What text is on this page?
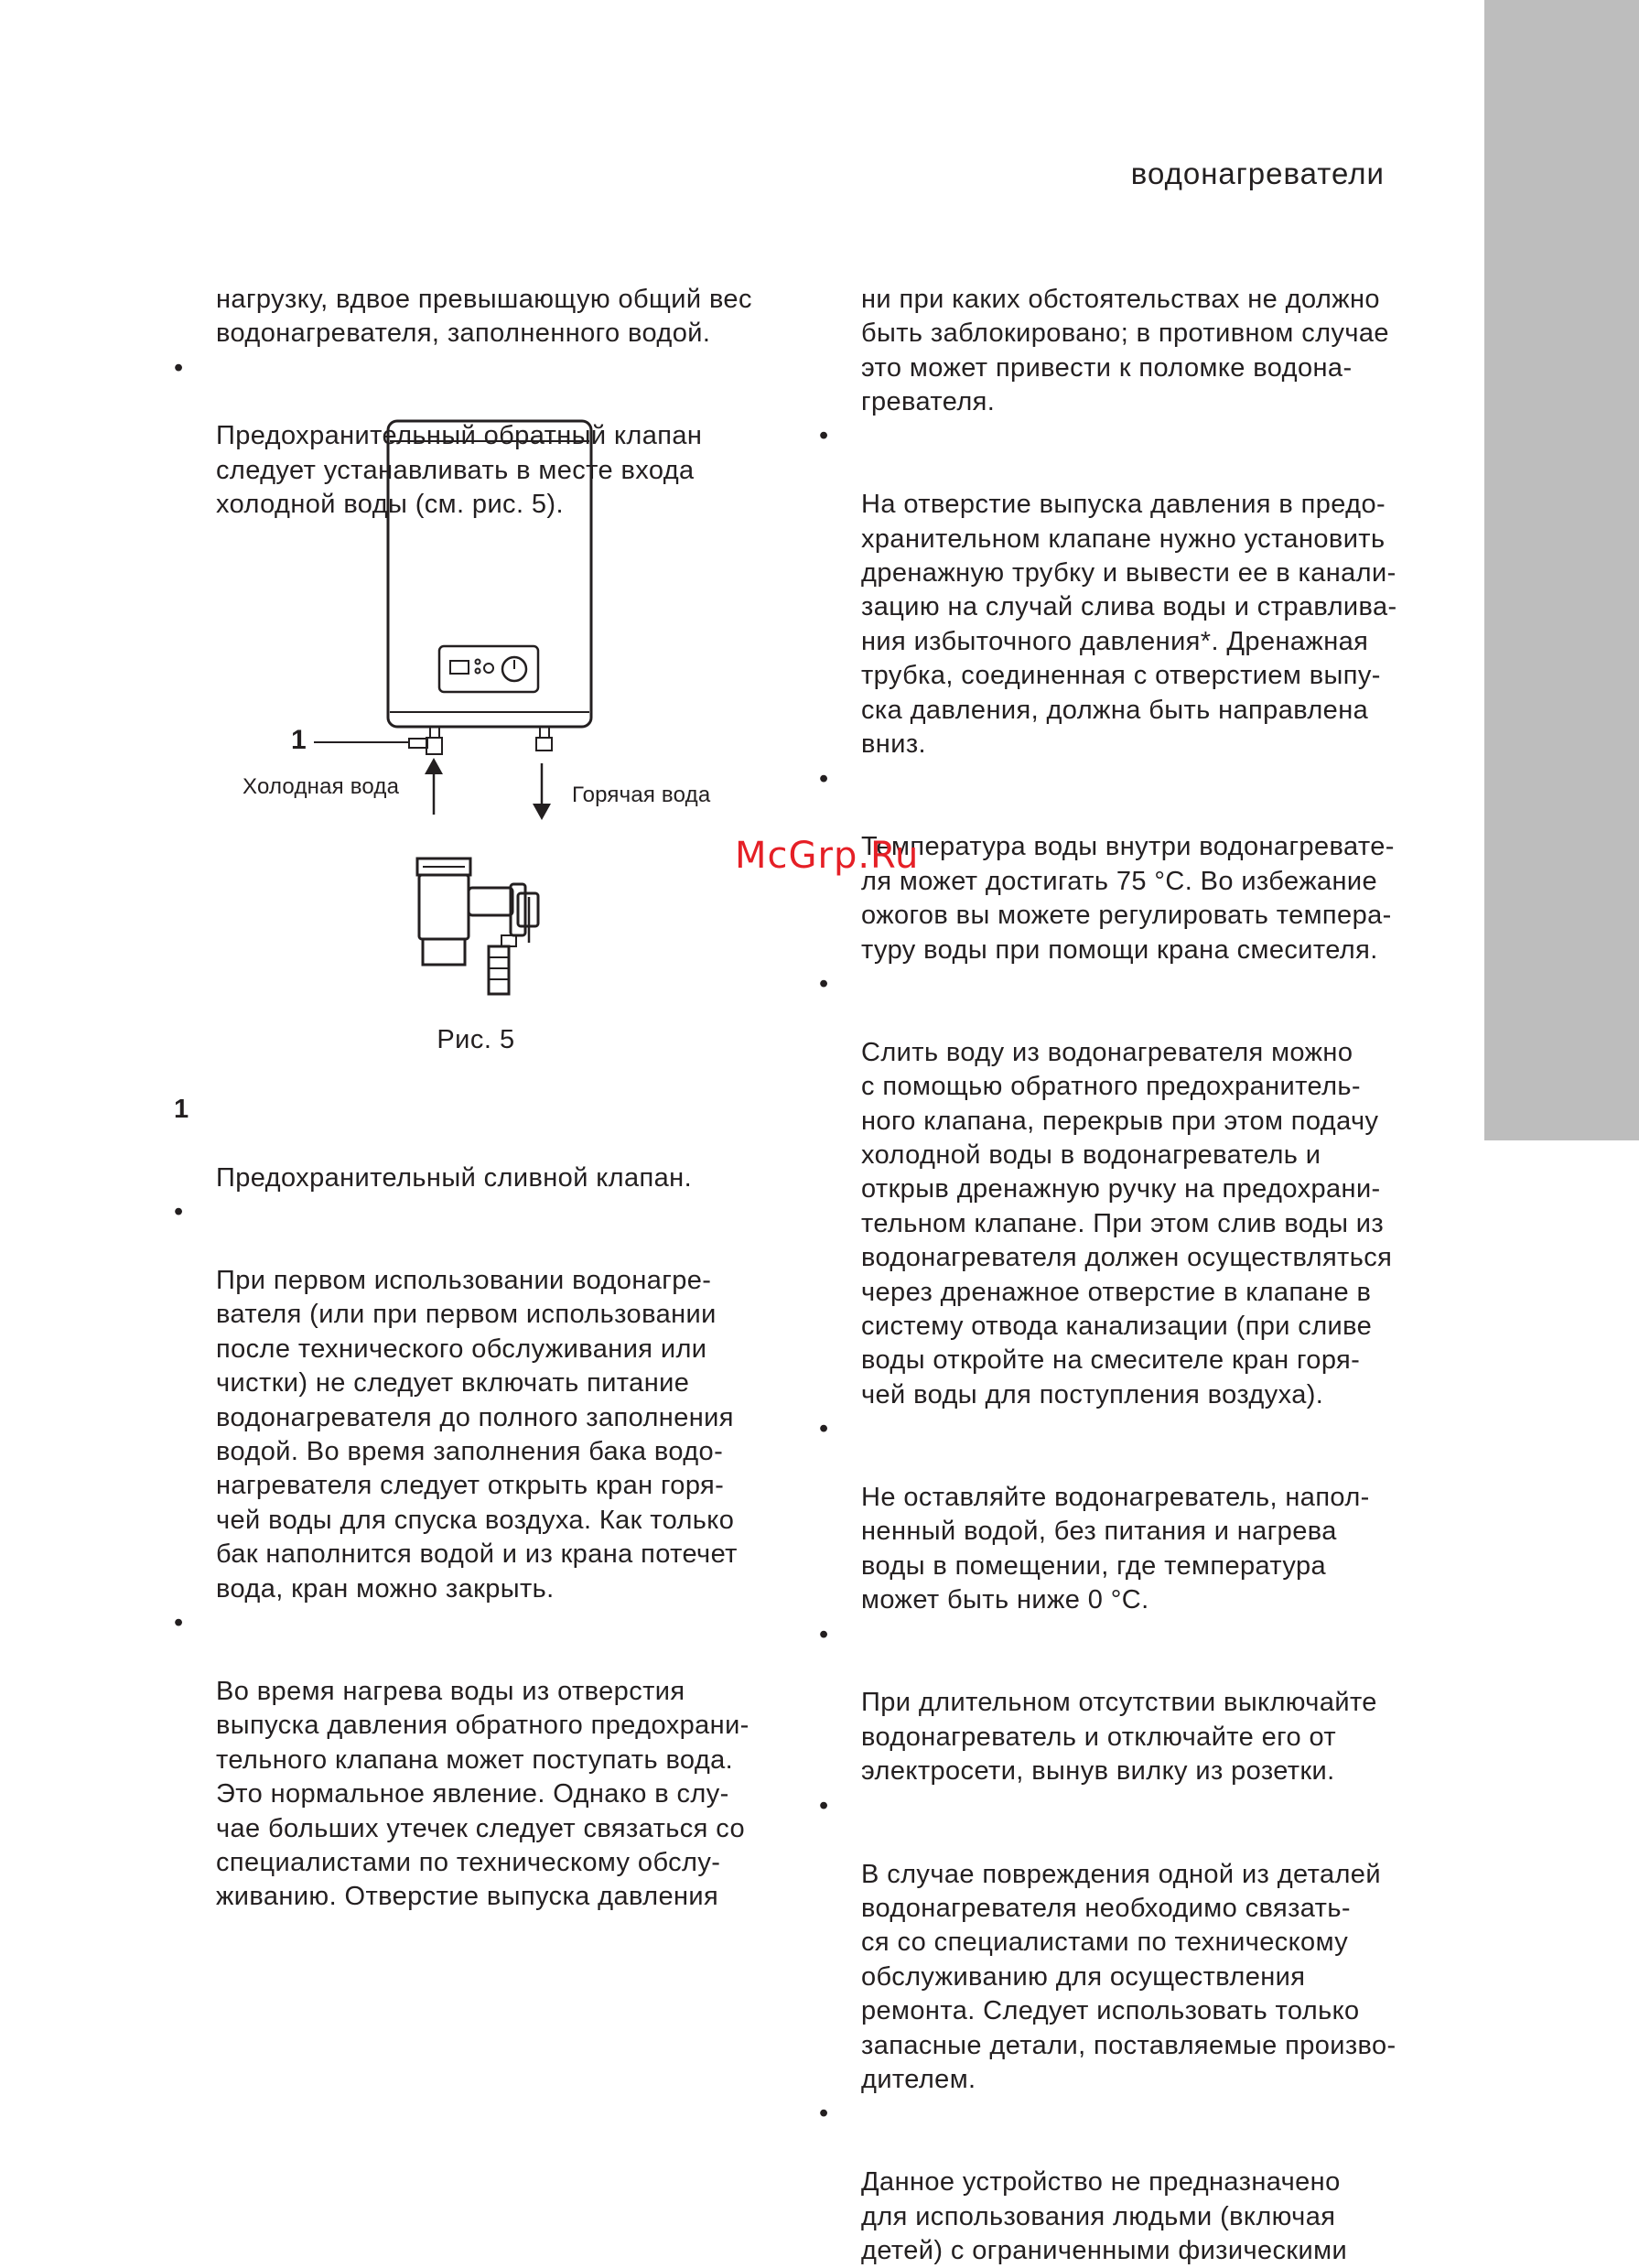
водонагреватели

нагрузку, вдвое превышающую общий вес
водонагревателя, заполненного водой.

•

Предохранительный обратный клапан
следует устанавливать в месте входа
холодной воды (см. рис. 5).

1
Холодная вода	Горячая вода
Рис. 5

1

Предохранительный сливной клапан.

•

При первом использовании водонагре-
вателя (или при первом использовании
после технического обслуживания или
чистки) не следует включать питание
водонагревателя до полного заполнения
водой. Во время заполнения бака водо-
нагревателя следует открыть кран горя-
чей воды для спуска воздуха. Как только
бак наполнится водой и из крана потечет
вода, кран можно закрыть.

•

Во время нагрева воды из отверстия
выпуска давления обратного предохрани-
тельного клапана может поступать вода.
Это нормальное явление. Однако в слу-
чае больших утечек следует связаться со
специалистами по техническому обслу-
живанию. Отверстие выпуска давления

ни при каких обстоятельствах не должно
быть заблокировано; в противном случае
это может привести к поломке водона-
гревателя.

•

На отверстие выпуска давления в предо-
хранительном клапане нужно установить
дренажную трубку и вывести ее в канали-
зацию на случай слива воды и стравлива-
ния избыточного давления*. Дренажная
трубка, соединенная с отверстием выпу-
ска давления, должна быть направлена
вниз.

•

Температура воды внутри водонагревате-
ля может достигать 75 °C. Во избежание
ожогов вы можете регулировать темпера-
туру воды при помощи крана смесителя.

•

Слить воду из водонагревателя можно
с помощью обратного предохранитель-
ного клапана, перекрыв при этом подачу
холодной воды в водонагреватель и
открыв дренажную ручку на предохрани-
тельном клапане. При этом слив воды из
водонагревателя должен осуществляться
через дренажное отверстие в клапане в
систему отвода канализации (при сливе
воды откройте на смесителе кран горя-
чей воды для поступления воздуха).

•

Не оставляйте водонагреватель, напол-
ненный водой, без питания и нагрева
воды в помещении, где температура
может быть ниже 0 °C.

•

При длительном отсутствии выключайте
водонагреватель и отключайте его от
электросети, вынув вилку из розетки.

•

В случае повреждения одной из деталей
водонагревателя необходимо связать-
ся со специалистами по техническому
обслуживанию для осуществления
ремонта. Следует использовать только
запасные детали, поставляемые произво-
дителем.

•

Данное устройство не предназначено
для использования людьми (включая
детей) с ограниченными физическими

McGrp.Ru
